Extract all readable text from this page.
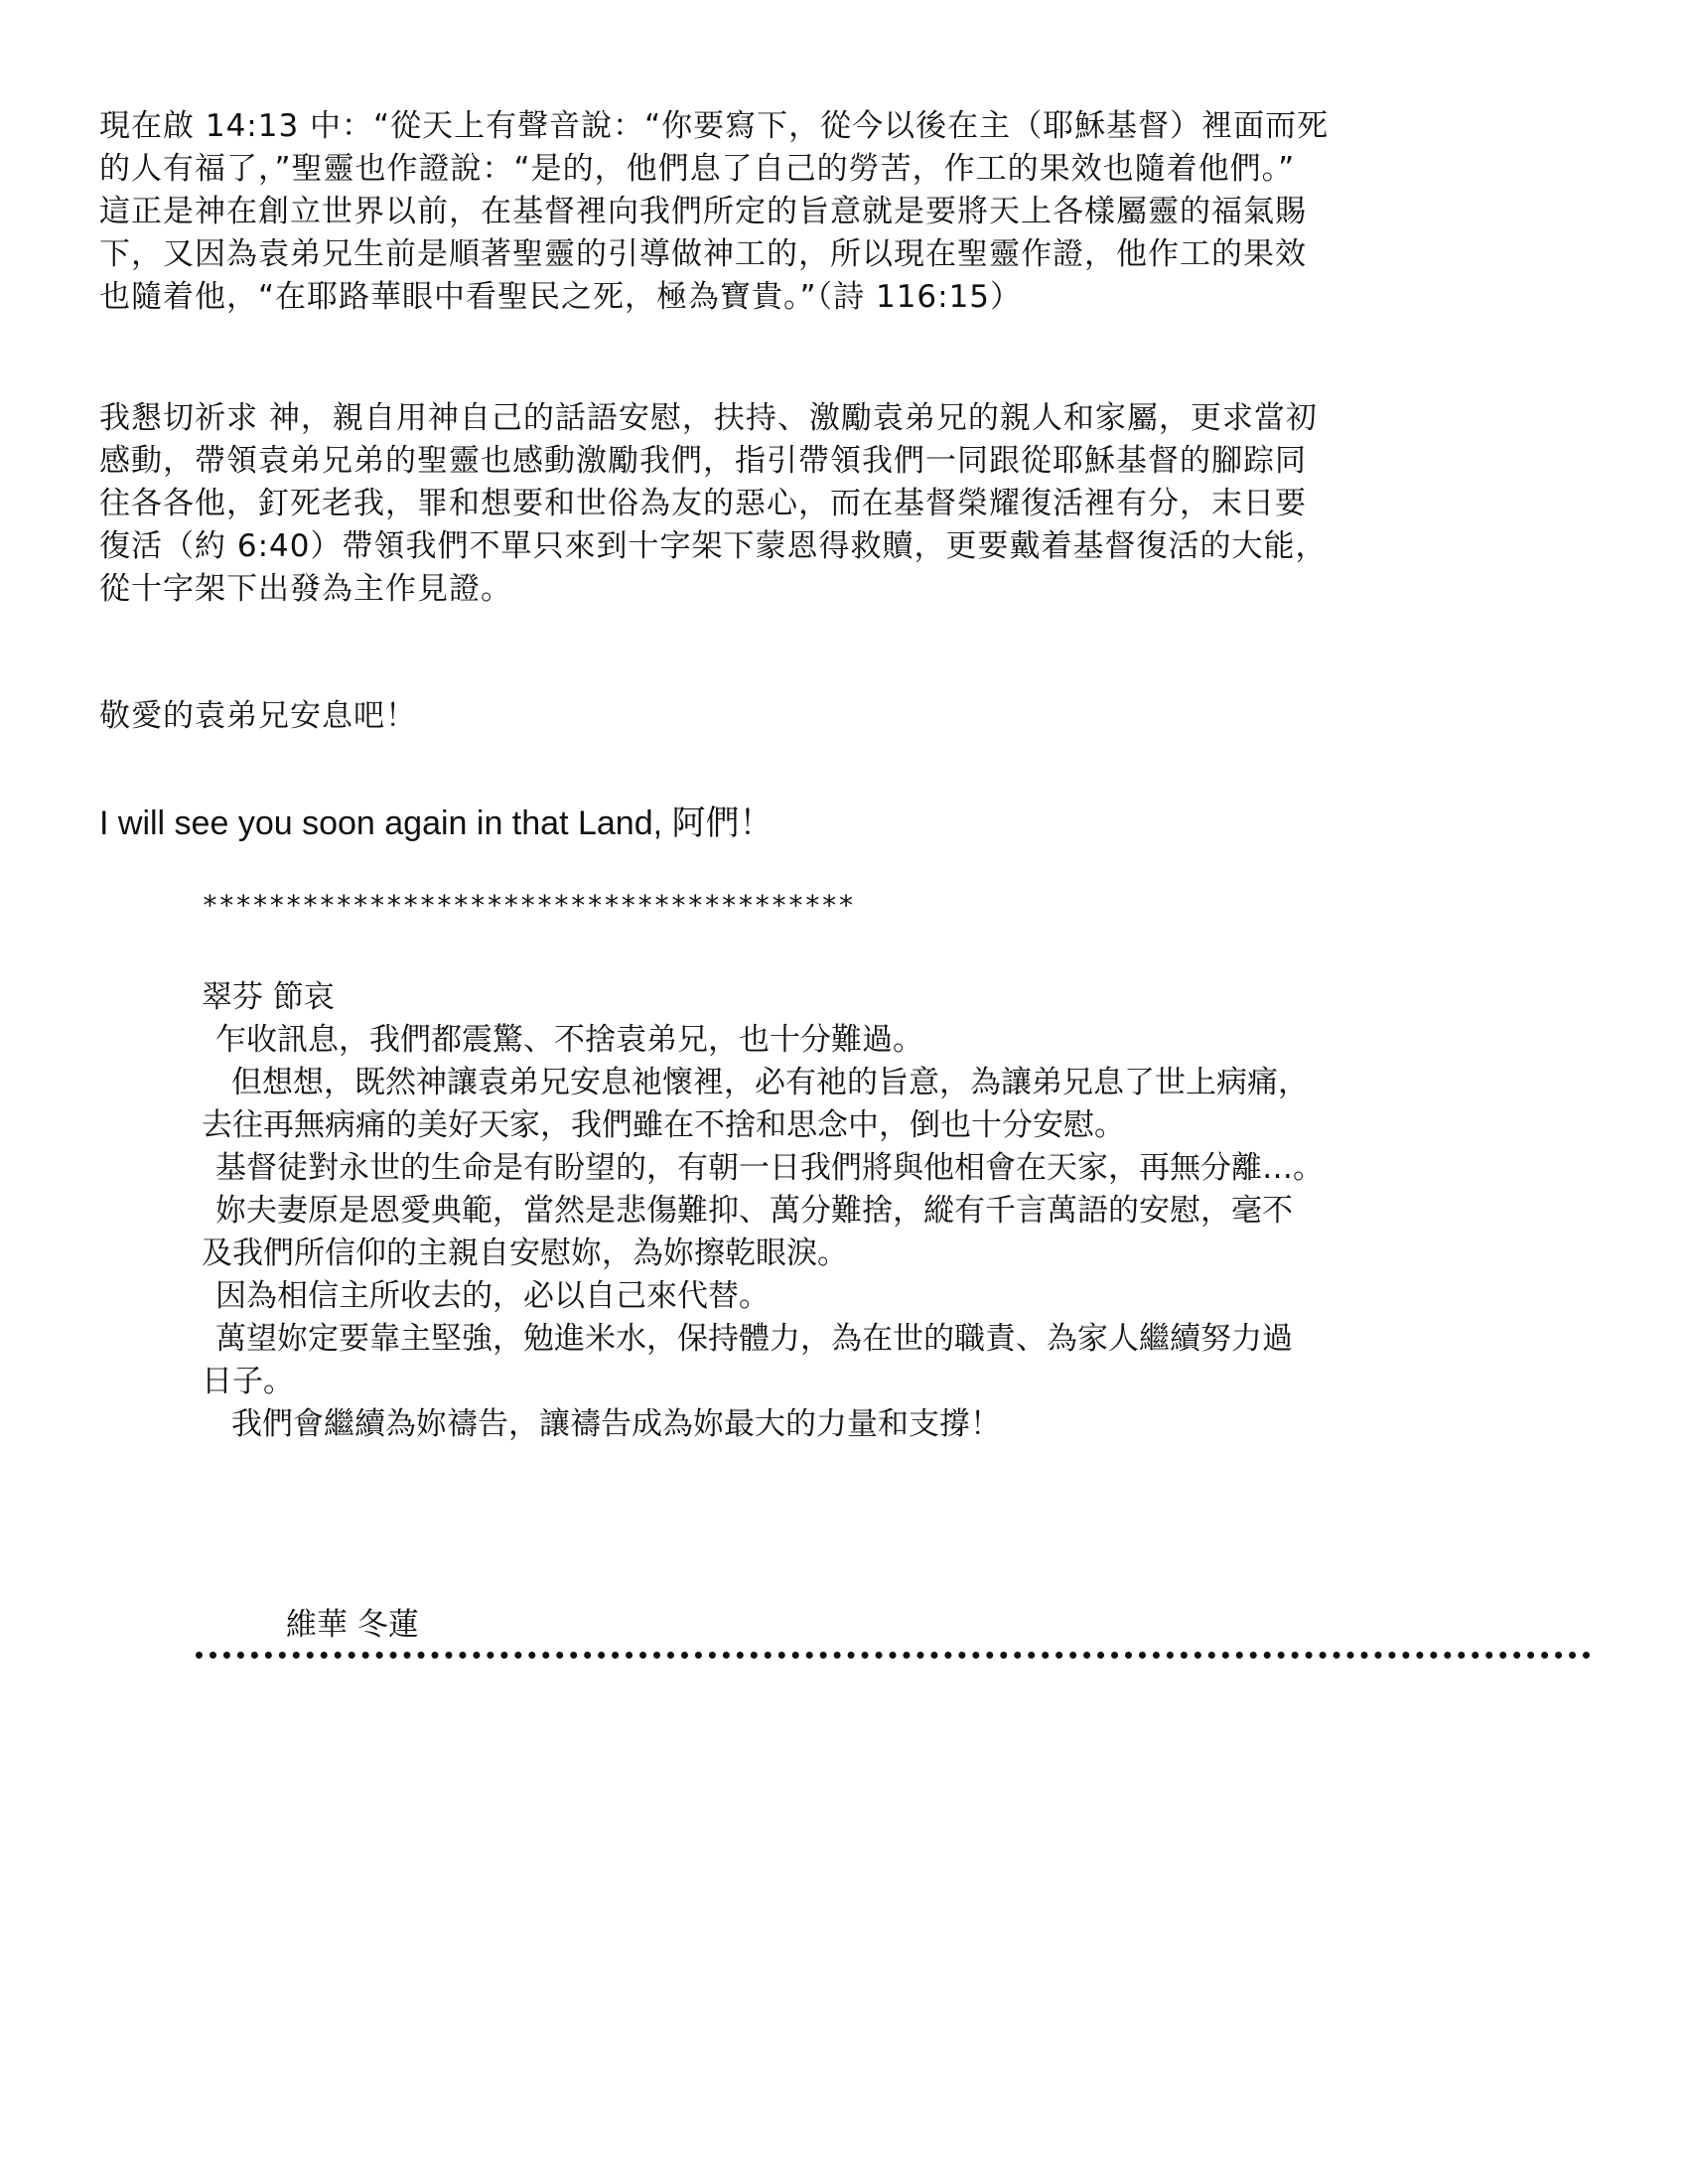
現在啟 14:13 中：“從天上有聲音說：“你要寫下，從今以後在主（耶穌基督）裡面而死
的人有福了，”聖靈也作證說：“是的，他們息了自己的勞苦，作工的果效也隨着他們。”
這正是神在創立世界以前，在基督裡向我們所定的旨意就是要將天上各樣屬靈的福氣賜
下，又因為袁弟兄生前是順著聖靈的引導做神工的，所以現在聖靈作證，他作工的果效
也隨着他，“在耶路華眼中看聖民之死，極為寶貴。”（詩 116:15）
我懇切祈求 神，親自用神自己的話語安慰，扶持、激勵袁弟兄的親人和家屬，更求當初
感動，帶領袁弟兄弟的聖靈也感動激勵我們，指引帶領我們一同跟從耶穌基督的腳踪同
往各各他，釘死老我，罪和想要和世俗為友的惡心，而在基督榮耀復活裡有分，末日要
復活（約 6:40）帶領我們不單只來到十字架下蒙恩得救贖，更要戴着基督復活的大能，
從十字架下出發為主作見證。
敬愛的袁弟兄安息吧！
I will see you soon again in that Land, 阿們！
***************************************
翠芬 節哀
乍收訊息，我們都震驚、不捨袁弟兄，也十分難過。
但想想，既然神讓袁弟兄安息祂懷裡，必有祂的旨意，為讓弟兄息了世上病痛，
去往再無病痛的美好天家，我們雖在不捨和思念中，倒也十分安慰。
基督徒對永世的生命是有盼望的，有朝一日我們將與他相會在天家，再無分離…。
妳夫妻原是恩愛典範，當然是悲傷難抑、萬分難捨，縱有千言萬語的安慰，毫不
及我們所信仰的主親自安慰妳，為妳擦乾眼淚。
因為相信主所收去的，必以自己來代替。
萬望妳定要靠主堅強，勉進米水，保持體力，為在世的職責、為家人繼續努力過
日子。
我們會繼續為妳禱告，讓禱告成為妳最大的力量和支撐！
維華 冬蓮
